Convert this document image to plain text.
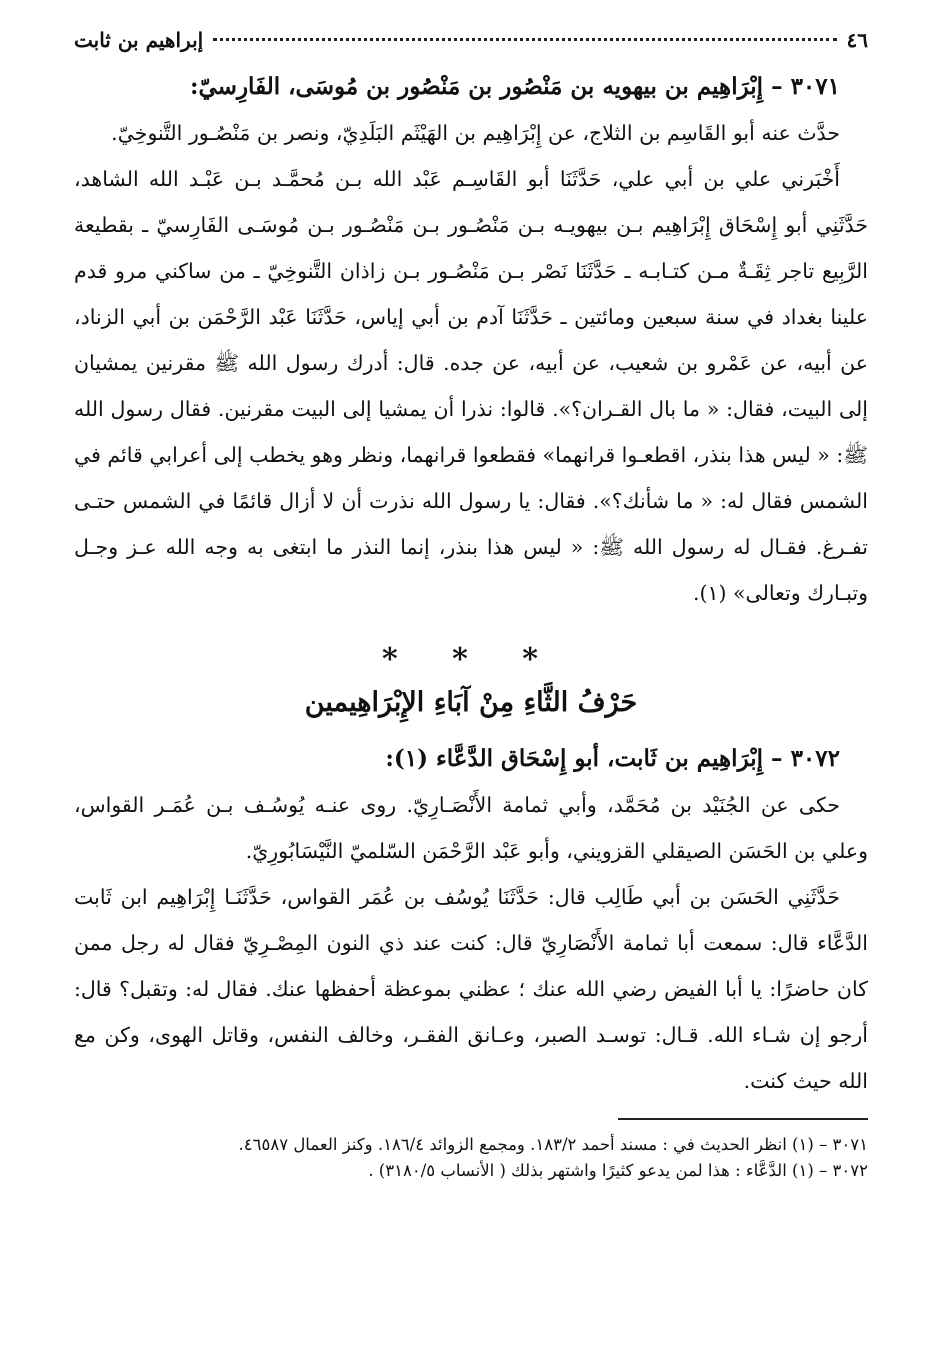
٤٦
إبراهيم بن ثابت
٣٠٧١ – إِبْرَاهِيم بن بيهويه بن مَنْصُور بن مَنْصُور بن مُوسَى، الفَارِسيّ:

حدَّث عنه أبو القَاسِم بن الثلاج، عن إِبْرَاهِيم بن الهَيْثَم البَلَدِيّ، ونصر بن مَنْصُـور التَّنوخِيّ.

أَخْبَرني علي بن أبي علي، حَدَّثَنَا أبو القَاسِـم عَبْد الله بـن مُحمَّـد بـن عَبْـد الله الشاهد، حَدَّثَنِي أبو إِسْحَاق إِبْرَاهِيم بـن بيهويـه بـن مَنْصُـور بـن مَنْصُـور بـن مُوسَـى الفَارِسيّ ـ بقطيعة الرَّبِيع تاجر ثِقَـةٌ مـن كتـابـه ـ حَدَّثَنَا نَصْر بـن مَنْصُـور بـن زاذان التَّنوخِيّ ـ من ساكني مرو قدم علينا بغداد في سنة سبعين ومائتين ـ حَدَّثَنَا آدم بن أبي إياس، حَدَّثَنَا عَبْد الرَّحْمَن بن أبي الزناد، عن أبيه، عن عَمْرو بن شعيب، عن أبيه، عن جده. قال: أدرك رسول الله ﷺ مقرنين يمشيان إلى البيت، فقال: « ما بال القـران؟». قالوا: نذرا أن يمشيا إلى البيت مقرنين. فقال رسول الله ﷺ: « ليس هذا بنذر، اقطعـوا قرانهما» فقطعوا قرانهما، ونظر وهو يخطب إلى أعرابي قائم في الشمس فقال له: « ما شأنك؟». فقال: يا رسول الله نذرت أن لا أزال قائمًا في الشمس حتـى تفـرغ. فقـال له رسول الله ﷺ: « ليس هذا بنذر، إنما النذر ما ابتغى به وجه الله عـز وجـل وتبـارك وتعالى» (١).

* * *
حَرْفُ الثَّاءِ مِنْ آبَاءِ الإِبْرَاهِيمين
٣٠٧٢ – إِبْرَاهِيم بن ثَابت، أبو إِسْحَاق الدَّعَّاء (١):

حكى عن الجُنَيْد بن مُحَمَّد، وأبي ثمامة الأَنْصَـارِيّ. روى عنـه يُوسُـف بـن عُمَـر القواس، وعلي بن الحَسَن الصيقلي القزويني، وأبو عَبْد الرَّحْمَن السّلميّ النَّيْسَابُورِيّ.

حَدَّثَنِي الحَسَن بن أبي طَالِب قال: حَدَّثَنَا يُوسُف بن عُمَر القواس، حَدَّثَنَـا إِبْرَاهِيم ابن ثَابت الدَّعَّاء قال: سمعت أبا ثمامة الأَنْصَارِيّ قال: كنت عند ذي النون المِصْـرِيّ فقال له رجل ممن كان حاضرًا: يا أبا الفيض رضي الله عنك ؛ عظني بموعظة أحفظها عنك. فقال له: وتقبل؟ قال: أرجو إن شـاء الله. قـال: توسـد الصبر، وعـانق الفقـر، وخالف النفس، وقاتل الهوى، وكن مع الله حيث كنت.

٣٠٧١ – (١) انظر الحديث في : مسند أحمد ١٨٣/٢. ومجمع الزوائد ١٨٦/٤. وكنز العمال ٤٦٥٨٧.

٣٠٧٢ – (١) الدَّعَّاء : هذا لمن يدعو كثيرًا واشتهر بذلك ( الأنساب ٣١٨٠/٥) .
